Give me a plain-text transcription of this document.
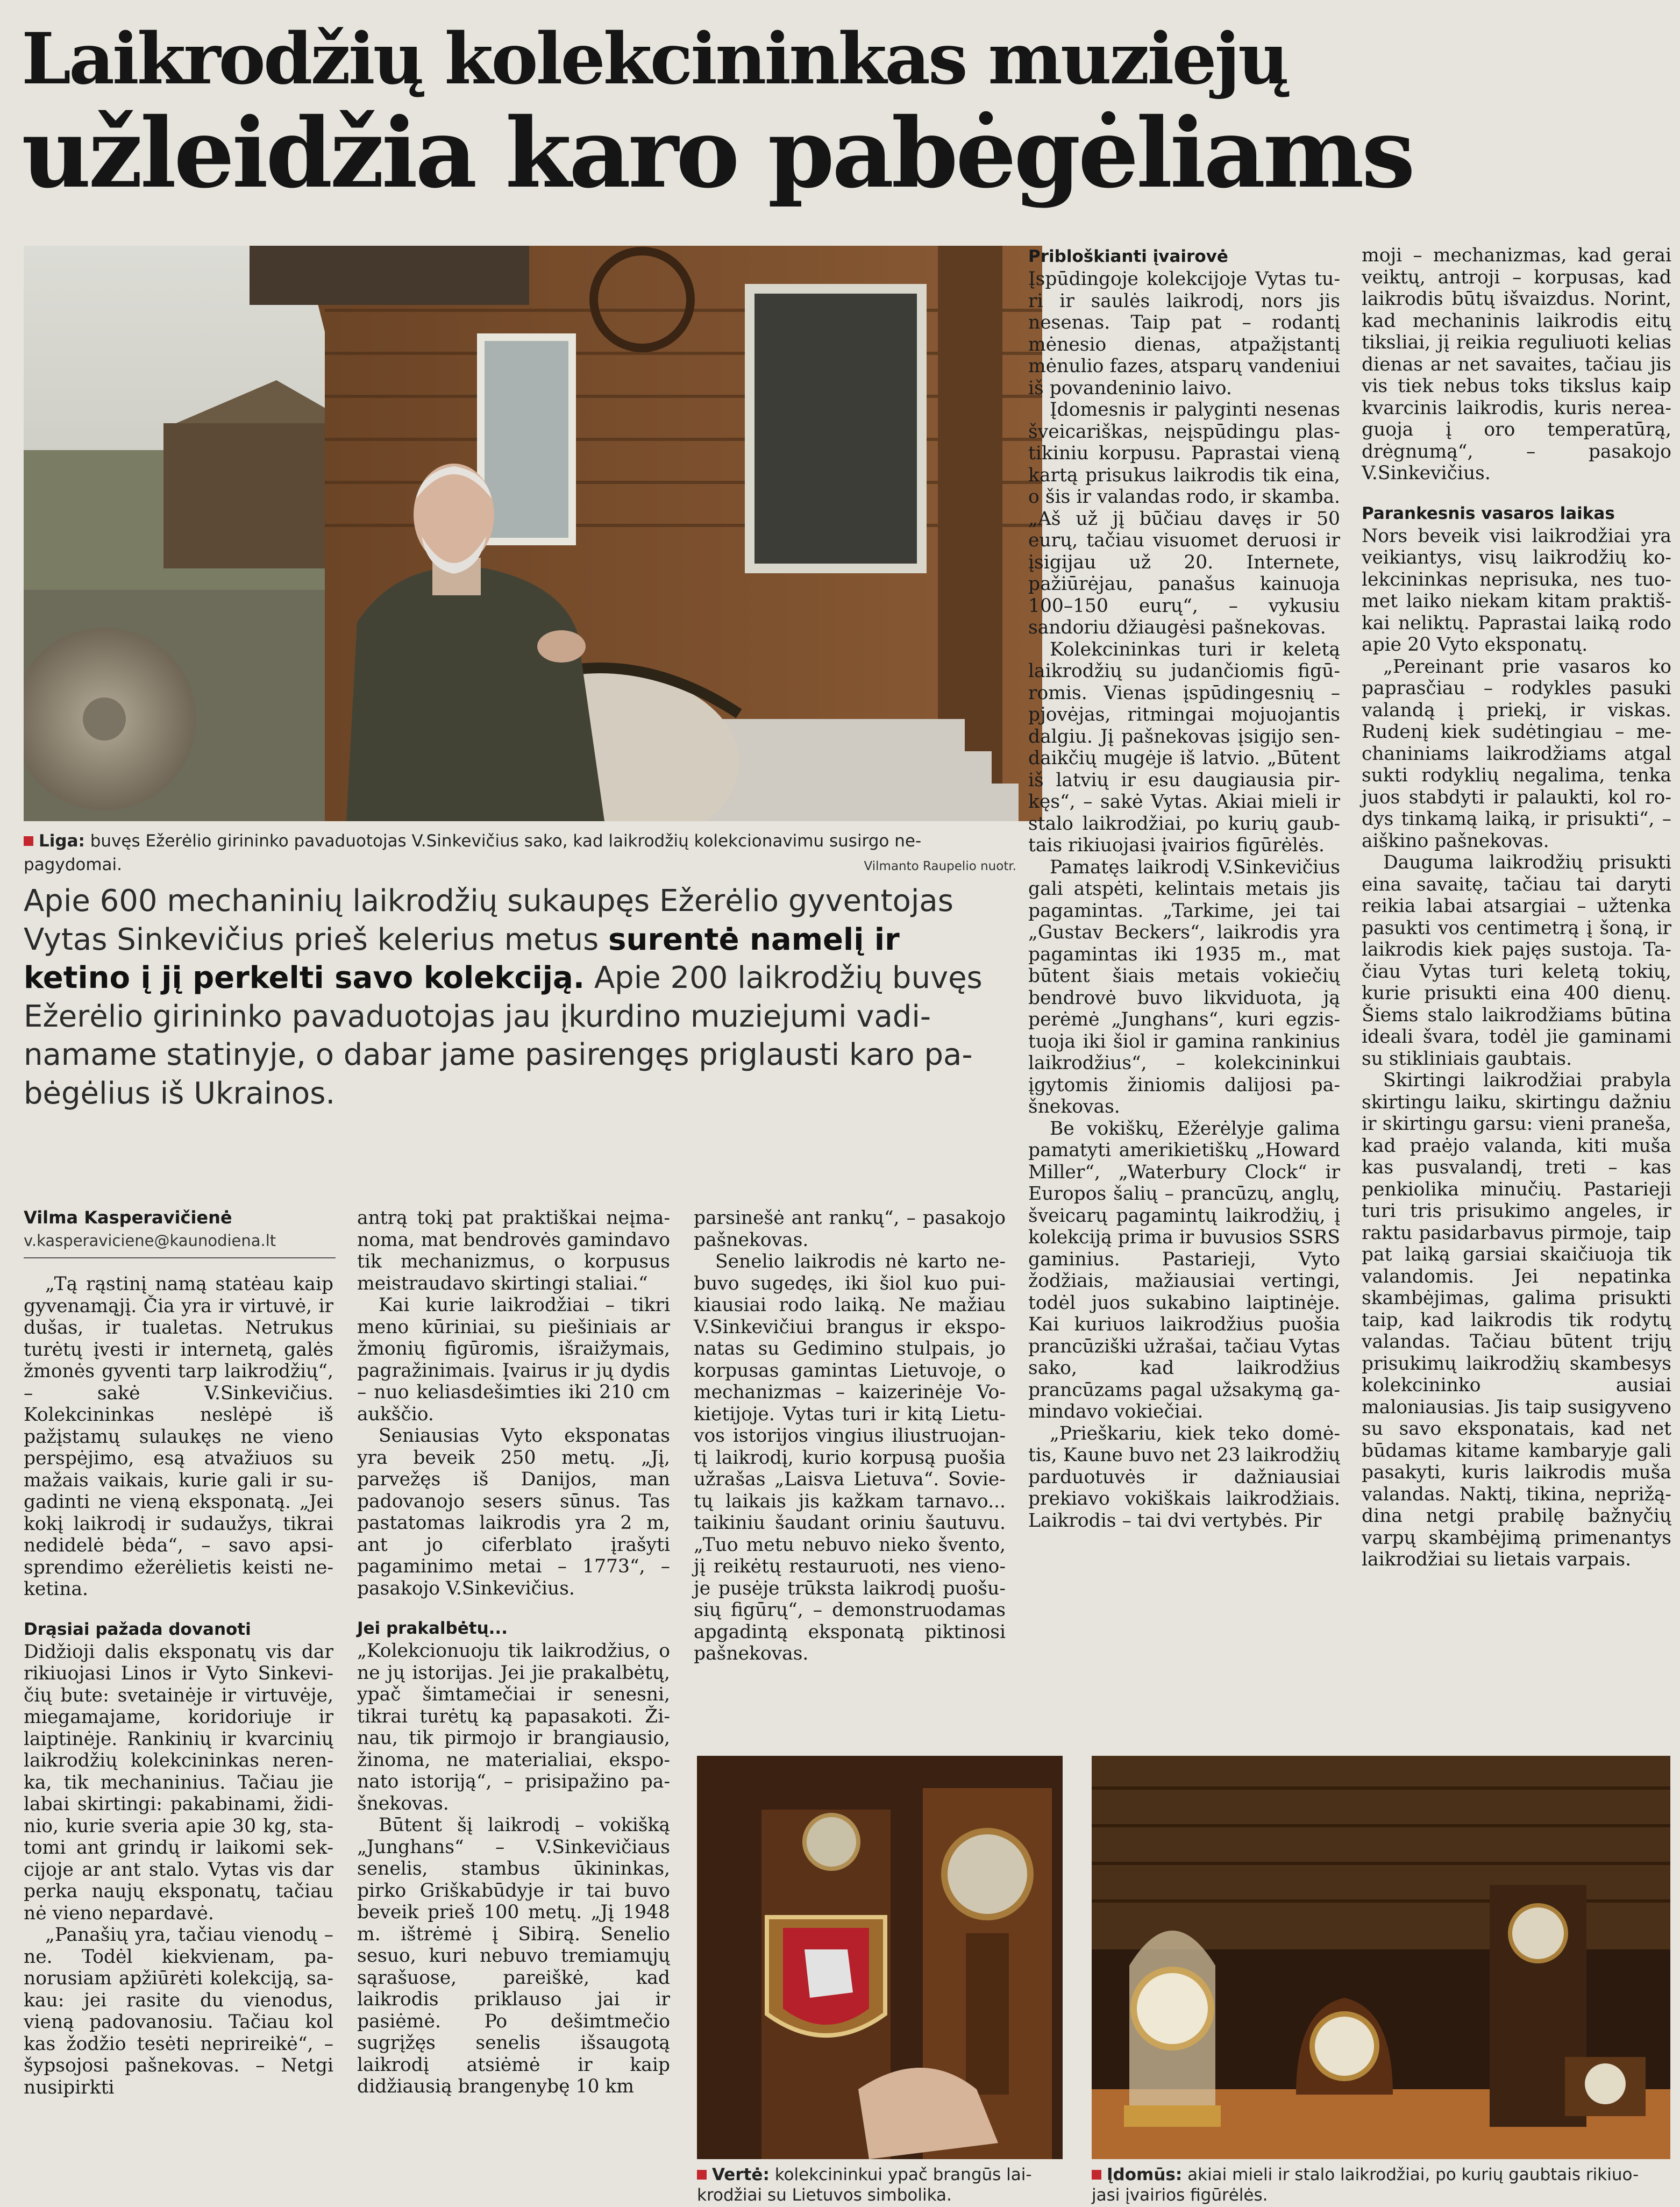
Laikrodžių kolekcininkas muziejų
užleidžia karo pabėgėliams
Liga: buvęs Ežerėlio girininko pavaduotojas V.Sinkevičius sako, kad laikrodžių kolekcionavimu susirgo ne-
pagydomai.	Vilmanto Raupelio nuotr.
Apie 600 mechaninių laikrodžių sukaupęs Ežerėlio gyventojas Vytas Sinkevičius prieš kelerius metus surentė namelį ir ketino į jį perkelti savo kolekciją. Apie 200 laikrodžių buvęs Ežerėlio girininko pavaduotojas jau įkurdino muziejumi vadinamame statinyje, o dabar jame pasirengęs priglausti karo pabėgėlius iš Ukrainos.
Vilma Kasperavičienė
v.kasperaviciene@kaunodiena.lt

„Tą rąstinį namą statėau kaip gyvenamąjį. Čia yra ir virtuvė, ir dušas, ir tualetas. Netrukus turėtų įvesti ir internetą, galės žmonės gyventi tarp laikrodžių“, – sakė V.Sinkevičius. Kolekcininkas neslėpė iš pažįstamų sulaukęs ne vieno perspėjimo, esą atvažiuos su mažais vaikais, kurie gali ir sugadinti ne vieną eksponatą. „Jei kokį laikrodį ir sudaužys, tikrai nedidelė bėda“, – savo apsisprendimo ežerėlietis keisti neketina.

Drąsiai pažada dovanoti

Didžioji dalis eksponatų vis dar rikiuojasi Linos ir Vyto Sinkevičių bute: svetainėje ir virtuvėje, miegamajame, koridoriuje ir laiptinėje. Rankinių ir kvarcinių laikrodžių kolekcininkas nerenka, tik mechaninius. Tačiau jie labai skirtingi: pakabinami, židinio, kurie sveria apie 30 kg, statomi ant grindų ir laikomi sekcijoje ar ant stalo. Vytas vis dar perka naujų eksponatų, tačiau nė vieno nepardavė.

„Panašių yra, tačiau vienodų – ne. Todėl kiekvienam, panorusiam apžiūrėti kolekciją, sakau: jei rasite du vienodus, vieną padovanosiu. Tačiau kol kas žodžio tesėti neprireikė“, – šypsojosi pašnekovas. – Netgi nusipirkti

antrą tokį pat praktiškai neįmanoma, mat bendrovės gamindavo tik mechanizmus, o korpusus meistraudavo skirtingi staliai.“

Kai kurie laikrodžiai – tikri meno kūriniai, su piešiniais ar žmonių figūromis, išraižymais, pagražinimais. Įvairus ir jų dydis – nuo keliasdešimties iki 210 cm aukščio.

Seniausias Vyto eksponatas yra beveik 250 metų. „Jį, parvežęs iš Danijos, man padovanojo sesers sūnus. Tas pastatomas laikrodis yra 2 m, ant jo ciferblato įrašyti pagaminimo metai – 1773“, – pasakojo V.Sinkevičius.

Jei prakalbėtų...

„Kolekcionuoju tik laikrodžius, o ne jų istorijas. Jei jie prakalbėtų, ypač šimtamečiai ir senesni, tikrai turėtų ką papasakoti. Žinau, tik pirmojo ir brangiausio, žinoma, ne materialiai, eksponato istoriją“, – prisipažino pašnekovas.

Būtent šį laikrodį – vokišką „Junghans“ – V.Sinkevičiaus senelis, stambus ūkininkas, pirko Griškabūdyje ir tai buvo beveik prieš 100 metų. „Jį 1948 m. ištrėmė į Sibirą. Senelio sesuo, kuri nebuvo tremiamųjų sąrašuose, pareiškė, kad laikrodis priklauso jai ir pasiėmė. Po dešimtmečio sugrįžęs senelis išsaugotą laikrodį atsiėmė ir kaip didžiausią brangenybę 10 km

parsinešė ant rankų“, – pasakojo pašnekovas.

Senelio laikrodis nė karto nebuvo sugedęs, iki šiol kuo puikiausiai rodo laiką. Ne mažiau V.Sinkevičiui brangus ir eksponatas su Gedimino stulpais, jo korpusas gamintas Lietuvoje, o mechanizmas – kaizerinėje Vokietijoje. Vytas turi ir kitą Lietuvos istorijos vingius iliustruojantį laikrodį, kurio korpusą puošia užrašas „Laisva Lietuva“. Sovietų laikais jis kažkam tarnavo... taikiniu šaudant oriniu šautuvu. „Tuo metu nebuvo nieko švento, jį reikėtų restauruoti, nes vienoje pusėje trūksta laikrodį puošusių figūrų“, – demonstruodamas apgadintą eksponatą piktinosi pašnekovas.

Pribloškianti įvairovė

Įspūdingoje kolekcijoje Vytas turi ir saulės laikrodį, nors jis nesenas. Taip pat – rodantį mėnesio dienas, atpažįstantį mėnulio fazes, atsparų vandeniui iš povandeninio laivo.

Įdomesnis ir palyginti nesenas šveicariškas, neįspūdingu plastikiniu korpusu. Paprastai vieną kartą prisukus laikrodis tik eina, o šis ir valandas rodo, ir skamba. „Aš už jį būčiau davęs ir 50 eurų, tačiau visuomet deruosi ir įsigijau už 20. Internete, pažiūrėjau, panašus kainuoja 100–150 eurų“, – vykusiu sandoriu džiaugėsi pašnekovas.

Kolekcininkas turi ir keletą laikrodžių su judančiomis figūromis. Vienas įspūdingesnių – pjovėjas, ritmingai mojuojantis dalgiu. Jį pašnekovas įsigijo sendaikčių mugėje iš latvio. „Būtent iš latvių ir esu daugiausia pirkęs“, – sakė Vytas. Akiai mieli ir stalo laikrodžiai, po kurių gaubtais rikiuojasi įvairios figūrėlės.

Pamatęs laikrodį V.Sinkevičius gali atspėti, kelintais metais jis pagamintas. „Tarkime, jei tai „Gustav Beckers“, laikrodis yra pagamintas iki 1935 m., mat būtent šiais metais vokiečių bendrovė buvo likviduota, ją perėmė „Junghans“, kuri egzistuoja iki šiol ir gamina rankinius laikrodžius“, – kolekcininkui įgytomis žiniomis dalijosi pašnekovas.

Be vokiškų, Ežerėlyje galima pamatyti amerikietiškų „Howard Miller“, „Waterbury Clock“ ir Europos šalių – prancūzų, anglų, šveicarų pagamintų laikrodžių, į kolekciją prima ir buvusios SSRS gaminius. Pastarieji, Vyto žodžiais, mažiausiai vertingi, todėl juos sukabino laiptinėje. Kai kuriuos laikrodžius puošia prancūziški užrašai, tačiau Vytas sako, kad laikrodžius prancūzams pagal užsakymą gamindavo vokiečiai.

„Prieškariu, kiek teko domėtis, Kaune buvo net 23 laikrodžių parduotuvės ir dažniausiai prekiavo vokiškais laikrodžiais. Laikrodis – tai dvi vertybės. Pir

moji – mechanizmas, kad gerai veiktų, antroji – korpusas, kad laikrodis būtų išvaizdus. Norint, kad mechaninis laikrodis eitų tiksliai, jį reikia reguliuoti kelias dienas ar net savaites, tačiau jis vis tiek nebus toks tikslus kaip kvarcinis laikrodis, kuris nereaguoja į oro temperatūrą, drėgnumą“, – pasakojo V.Sinkevičius.

Parankesnis vasaros laikas

Nors beveik visi laikrodžiai yra veikiantys, visų laikrodžių kolekcininkas neprisuka, nes tuomet laiko niekam kitam praktiškai neliktų. Paprastai laiką rodo apie 20 Vyto eksponatų.

„Pereinant prie vasaros ko paprasčiau – rodykles pasuki valandą į priekį, ir viskas. Rudenį kiek sudėtingiau – mechaniniams laikrodžiams atgal sukti rodyklių negalima, tenka juos stabdyti ir palaukti, kol rodys tinkamą laiką, ir prisukti“, – aiškino pašnekovas.

Dauguma laikrodžių prisukti eina savaitę, tačiau tai daryti reikia labai atsargiai – užtenka pasukti vos centimetrą į šoną, ir laikrodis kiek pajęs sustoja. Tačiau Vytas turi keletą tokių, kurie prisukti eina 400 dienų. Šiems stalo laikrodžiams būtina ideali švara, todėl jie gaminami su stikliniais gaubtais.

Skirtingi laikrodžiai prabyla skirtingu laiku, skirtingu dažniu ir skirtingu garsu: vieni praneša, kad praėjo valanda, kiti muša kas pusvalandį, treti – kas penkiolika minučių. Pastarieji turi tris prisukimo angeles, ir raktu pasidarbavus pirmoje, taip pat laiką garsiai skaičiuoja tik valandomis. Jei nepatinka skambėjimas, galima prisukti taip, kad laikrodis tik rodytų valandas. Tačiau būtent trijų prisukimų laikrodžių skambesys kolekcininko ausiai maloniausias. Jis taip susigyveno su savo eksponatais, kad net būdamas kitame kambaryje gali pasakyti, kuris laikrodis muša valandas. Naktį, tikina, neprižądina netgi prabilę bažnyčių varpų skambėjimą primenantys laikrodžiai su lietais varpais.

Vertė: kolekcininkui ypač brangūs lai-
krodžiai su Lietuvos simbolika.
Įdomūs: akiai mieli ir stalo laikrodžiai, po kurių gaubtais rikiuo-
jasi įvairios figūrėlės.
